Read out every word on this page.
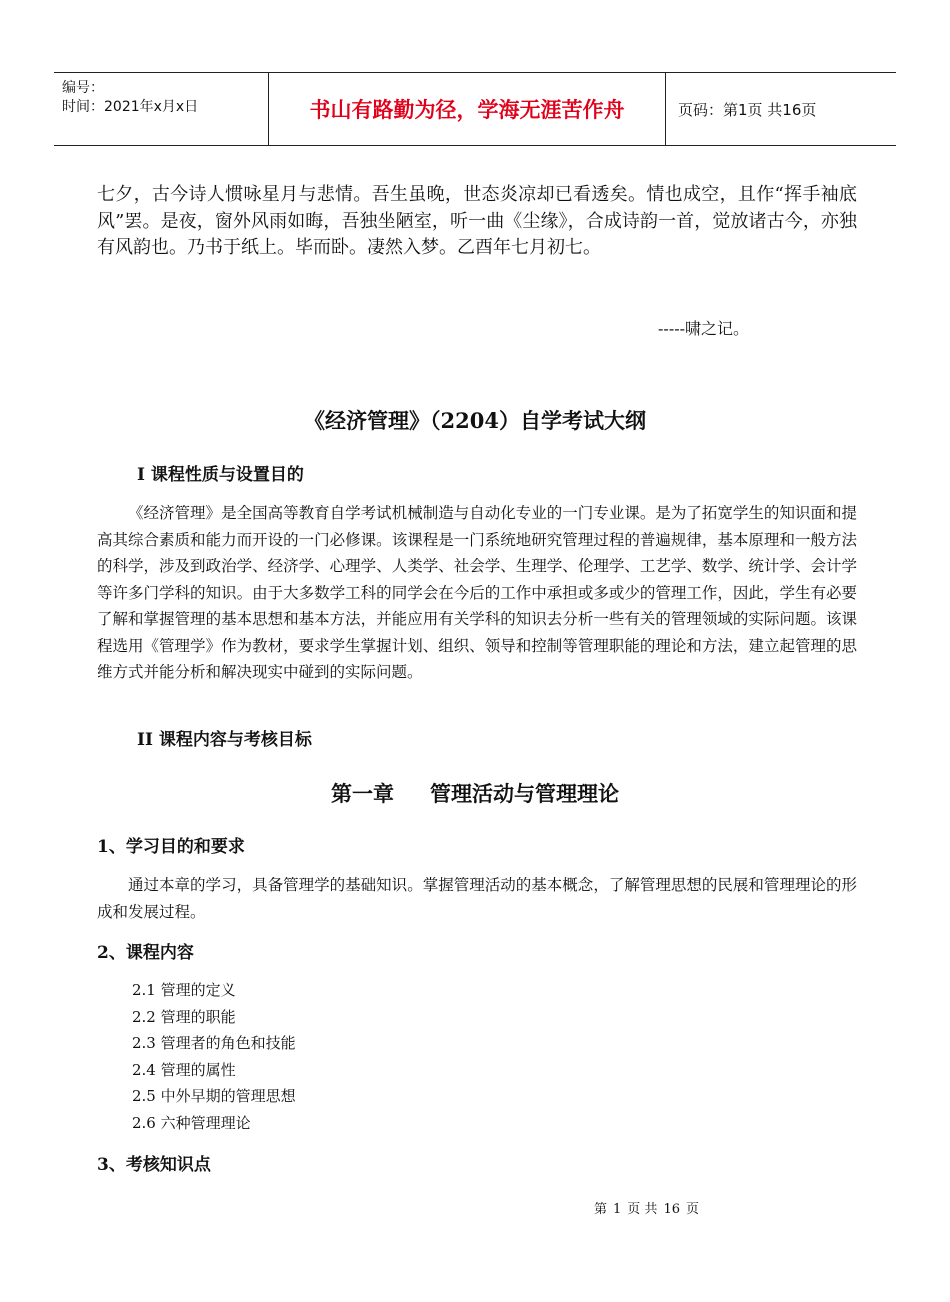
编号：
时间：2021年x月x日	书山有路勤为径，学海无涯苦作舟	页码：第1页 共16页
七夕，古今诗人惯咏星月与悲情。吾生虽晚，世态炎凉却已看透矣。情也成空，且作“挥手袖底风”罢。是夜，窗外风雨如晦，吾独坐陋室，听一曲《尘缘》，合成诗韵一首，觉放诸古今，亦独有风韵也。乃书于纸上。毕而卧。凄然入梦。乙酉年七月初七。
-----啸之记。
《经济管理》（2204）自学考试大纲
I 课程性质与设置目的
《经济管理》是全国高等教育自学考试机械制造与自动化专业的一门专业课。是为了拓宽学生的知识面和提高其综合素质和能力而开设的一门必修课。该课程是一门系统地研究管理过程的普遍规律，基本原理和一般方法的科学，涉及到政治学、经济学、心理学、人类学、社会学、生理学、伦理学、工艺学、数学、统计学、会计学等许多门学科的知识。由于大多数学工科的同学会在今后的工作中承担或多或少的管理工作，因此，学生有必要了解和掌握管理的基本思想和基本方法，并能应用有关学科的知识去分析一些有关的管理领域的实际问题。该课程选用《管理学》作为教材，要求学生掌握计划、组织、领导和控制等管理职能的理论和方法，建立起管理的思维方式并能分析和解决现实中碰到的实际问题。
II 课程内容与考核目标
第一章 管理活动与管理理论
1、学习目的和要求
通过本章的学习，具备管理学的基础知识。掌握管理活动的基本概念，了解管理思想的民展和管理理论的形成和发展过程。
2、课程内容
2.1 管理的定义
2.2 管理的职能
2.3 管理者的角色和技能
2.4 管理的属性
2.5 中外早期的管理思想
2.6 六种管理理论
3、考核知识点
第 1 页 共 16 页
